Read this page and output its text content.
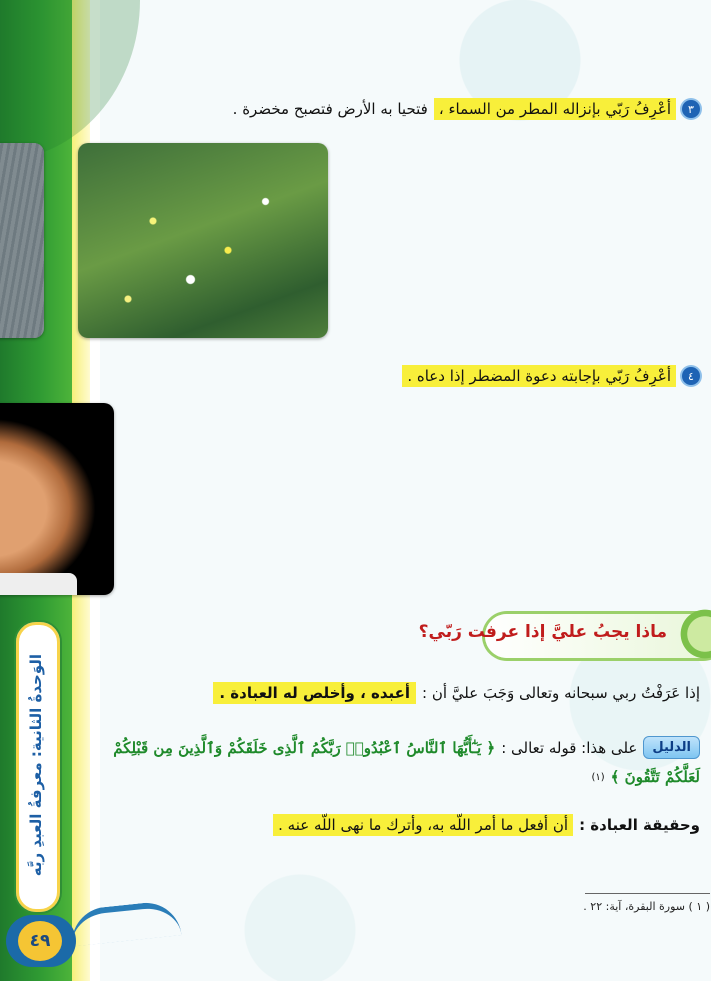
الوَحدةُ الثانية: معرفةُ العبدِ ربَّه
٤٩
٣
أعْرِفُ رَبّي بإنزاله المطر من السماء ،
فتحيا به الأرض فتصبح مخضرة .
٤
أعْرِفُ رَبّي بإجابته دعوة المضطر إذا دعاه .
ماذا يجبُ عليَّ إذا عرفت رَبّي؟
إذا عَرَفْتُ ربي سبحانه وتعالى وَجَبَ عليَّ أن :
أعبده ، وأخلص له العبادة .
الدليل
على هذا: قوله تعالى :
﴿ يَـٰٓأَيُّهَا ٱلنَّاسُ ٱعْبُدُوا۟ رَبَّكُمُ ٱلَّذِى خَلَقَكُمْ وَٱلَّذِينَ مِن قَبْلِكُمْ
لَعَلَّكُمْ تَتَّقُونَ ﴾
(١)
وحقيقة العبادة :
أن أفعل ما أمر اللّه به، وأترك ما نهى اللّه عنه .
( ١ ) سورة البقرة، آية: ٢٢ .
